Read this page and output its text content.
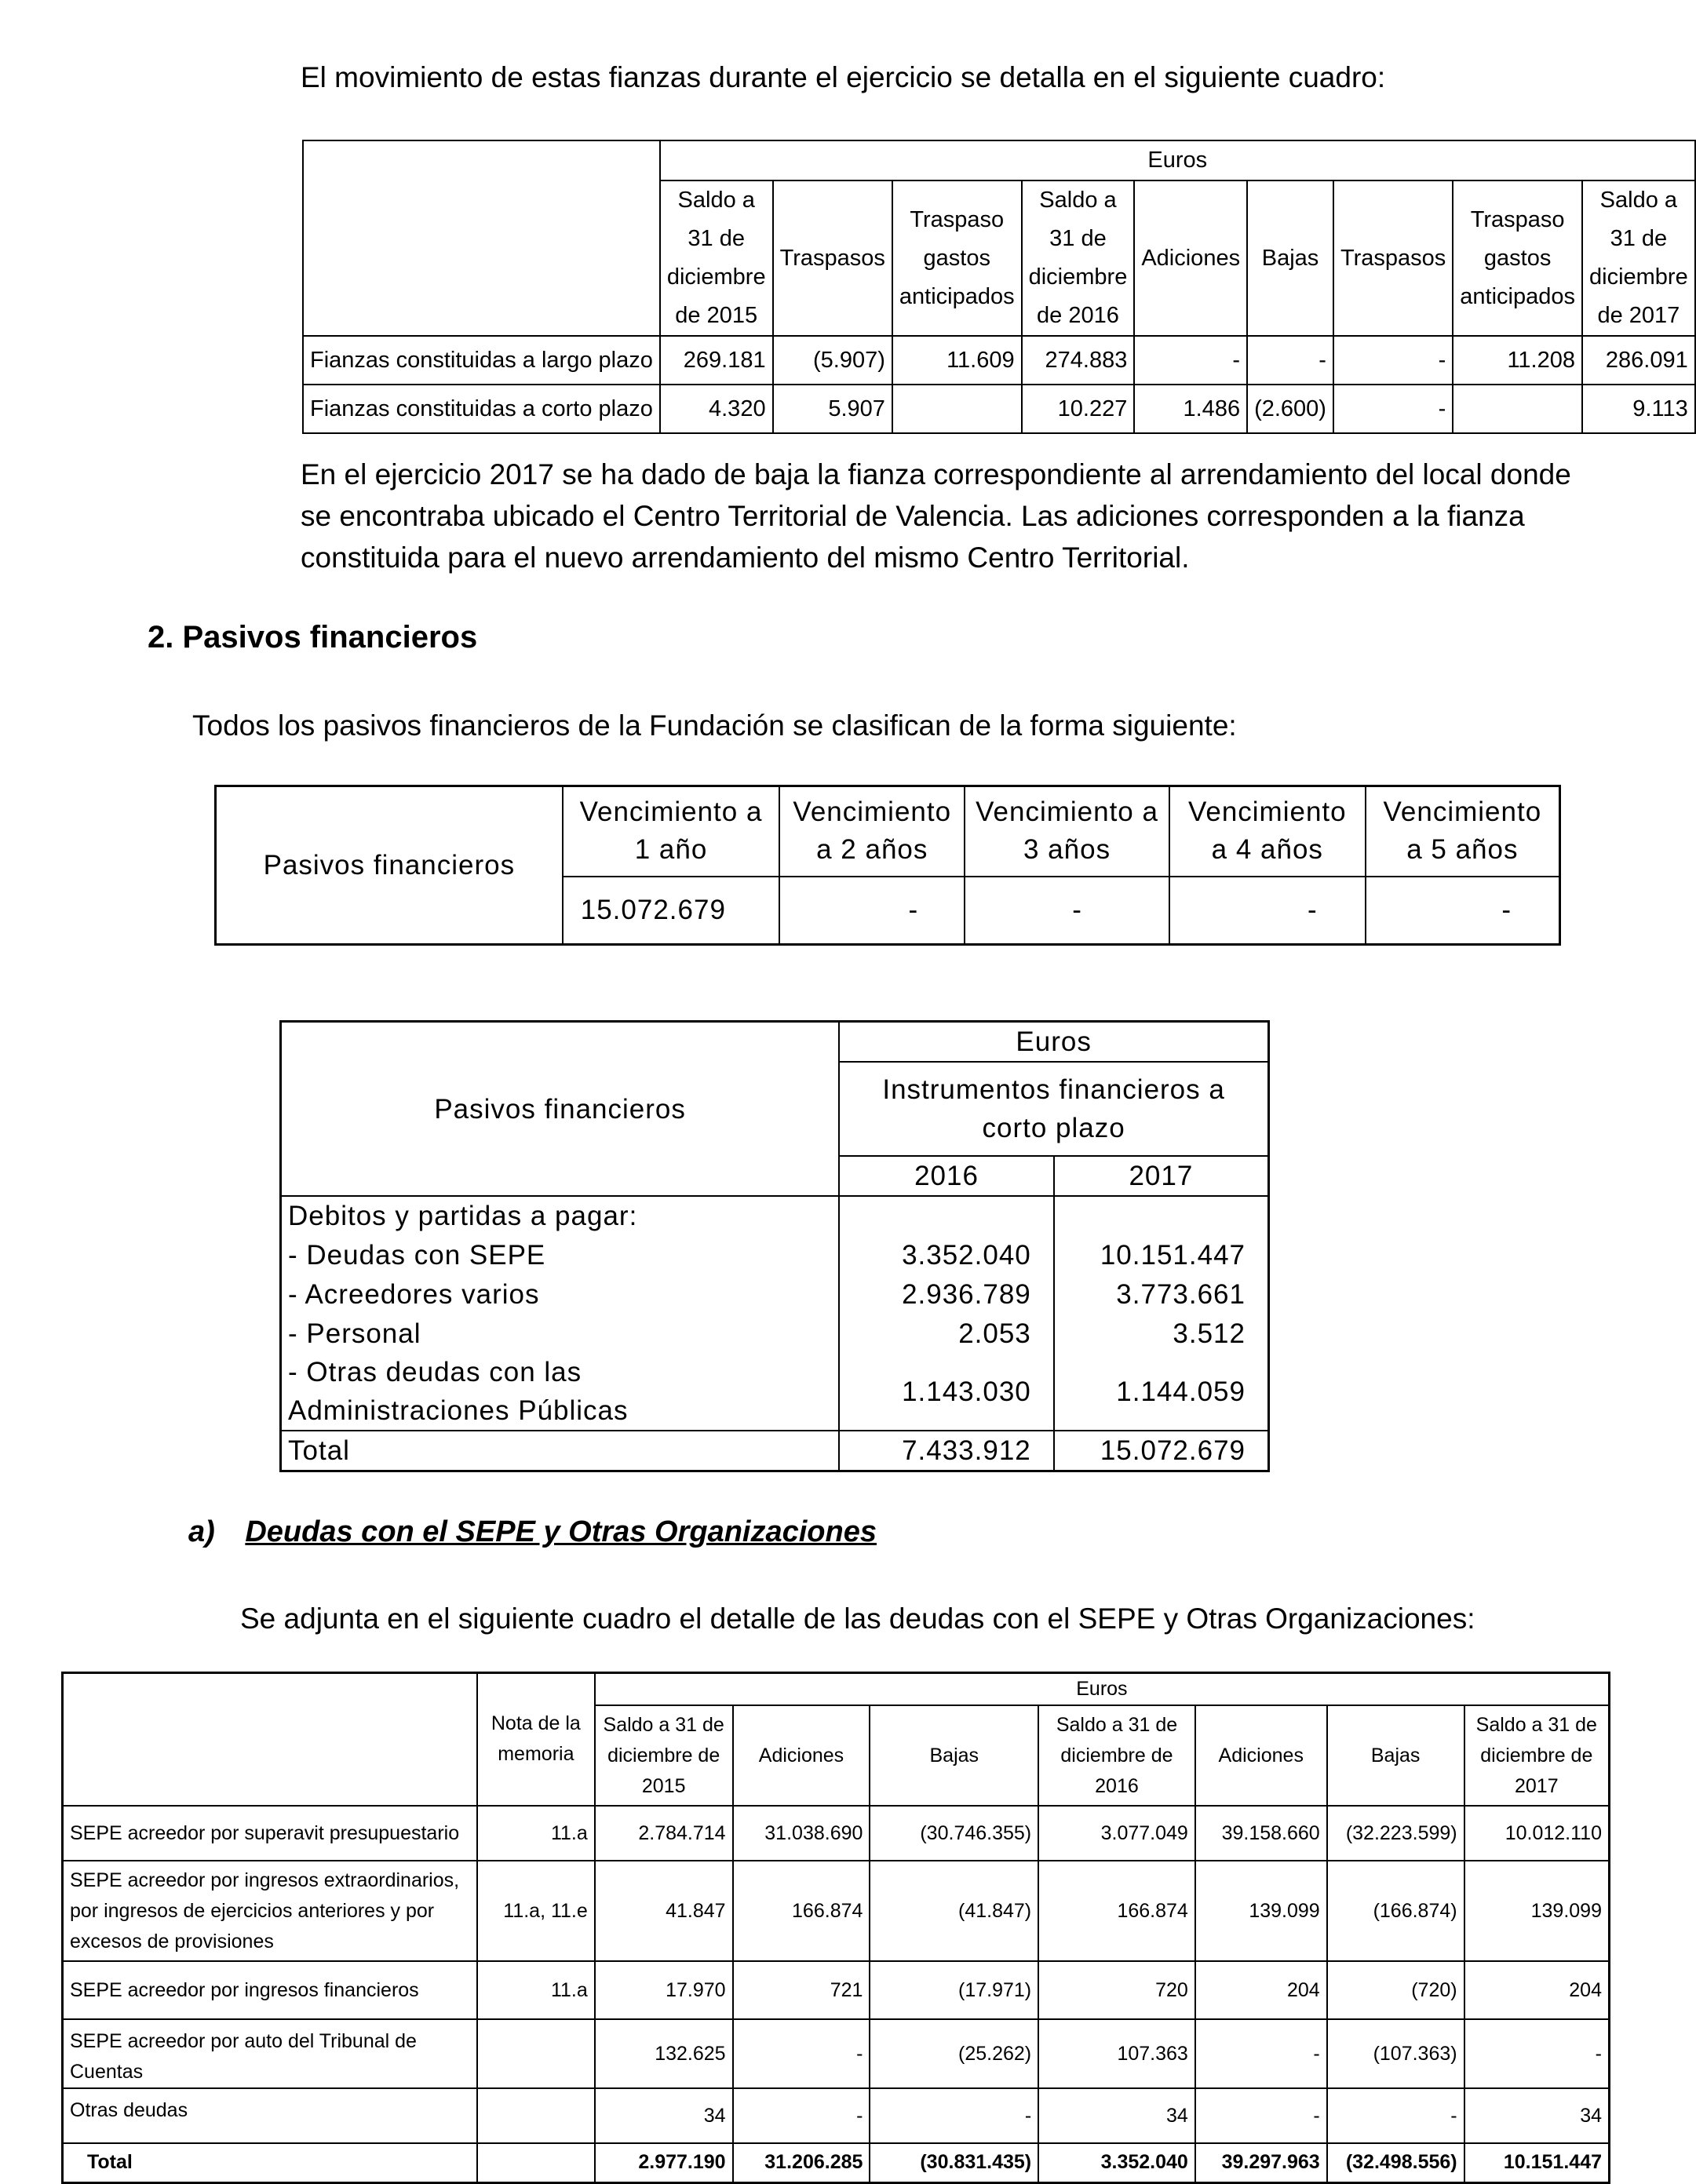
El movimiento de estas fianzas durante el ejercicio se detalla en el siguiente cuadro:
	Euros								
	Saldo a 31 de diciembre de 2015	Traspasos	Traspaso gastos anticipados	Saldo a 31 de diciembre de 2016	Adiciones	Bajas	Traspasos	Traspaso gastos anticipados	Saldo a 31 de diciembre de 2017
Fianzas constituidas a largo plazo	269.181	(5.907)	11.609	274.883	-	-	-	11.208	286.091
Fianzas constituidas a corto plazo	4.320	5.907		10.227	1.486	(2.600)	-		9.113
En el ejercicio 2017 se ha dado de baja la fianza correspondiente al arrendamiento del local donde se encontraba ubicado el Centro Territorial de Valencia. Las adiciones corresponden a la fianza constituida para el nuevo arrendamiento del mismo Centro Territorial.
2. Pasivos financieros
Todos los pasivos financieros de la Fundación se clasifican de la forma siguiente:
Pasivos financieros	Vencimiento a 1 año	Vencimiento a 2 años	Vencimiento a 3 años	Vencimiento a 4 años	Vencimiento a 5 años
	15.072.679	-	-	-	-
Pasivos financieros	Euros	
	Instrumentos financieros a corto plazo	
	2016	2017
Debitos y partidas a pagar:		
- Deudas con SEPE	3.352.040	10.151.447
- Acreedores varios	2.936.789	3.773.661
- Personal	2.053	3.512
- Otras deudas con las Administraciones Públicas	1.143.030	1.144.059
Total	7.433.912	15.072.679
a) Deudas con el SEPE y Otras Organizaciones
Se adjunta en el siguiente cuadro el detalle de las deudas con el SEPE y Otras Organizaciones:
	Nota de la memoria	Euros						
		Saldo a 31 de diciembre de 2015	Adiciones	Bajas	Saldo a 31 de diciembre de 2016	Adiciones	Bajas	Saldo a 31 de diciembre de 2017
SEPE acreedor por superavit presupuestario	11.a	2.784.714	31.038.690	(30.746.355)	3.077.049	39.158.660	(32.223.599)	10.012.110
SEPE acreedor por ingresos extraordinarios, por ingresos de ejercicios anteriores y por excesos de provisiones	11.a, 11.e	41.847	166.874	(41.847)	166.874	139.099	(166.874)	139.099
SEPE acreedor por ingresos financieros	11.a	17.970	721	(17.971)	720	204	(720)	204
SEPE acreedor por auto del Tribunal de Cuentas		132.625	-	(25.262)	107.363	-	(107.363)	-
Otras deudas		34	-	-	34	-	-	34
Total		2.977.190	31.206.285	(30.831.435)	3.352.040	39.297.963	(32.498.556)	10.151.447
